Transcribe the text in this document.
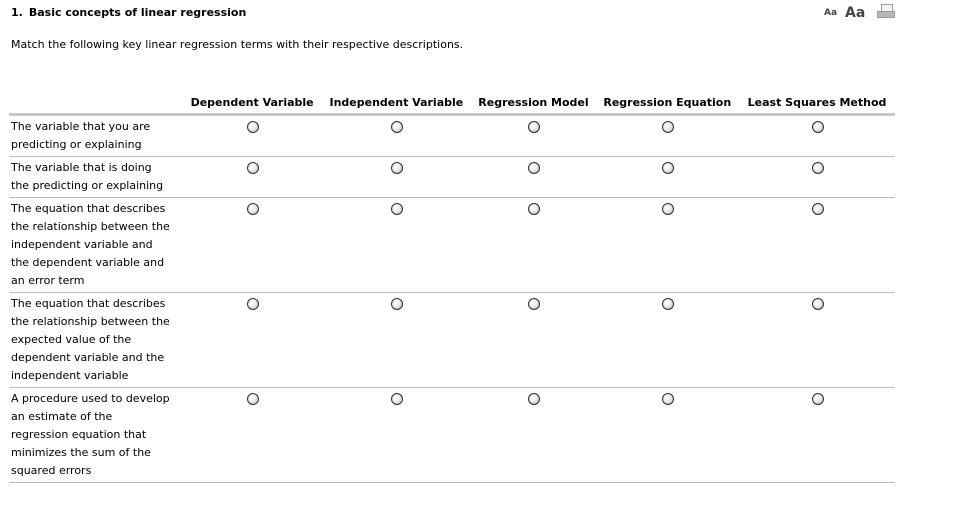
1. Basic concepts of linear regression	Aa Aa
Match the following key linear regression terms with their respective descriptions.
	Dependent Variable	Independent Variable	Regression Model	Regression Equation	Least Squares Method
The variable that you are predicting or explaining					
The variable that is doing the predicting or explaining					
The equation that describes the relationship between the independent variable and the dependent variable and an error term					
The equation that describes the relationship between the expected value of the dependent variable and the independent variable					
A procedure used to develop an estimate of the regression equation that minimizes the sum of the squared errors					
